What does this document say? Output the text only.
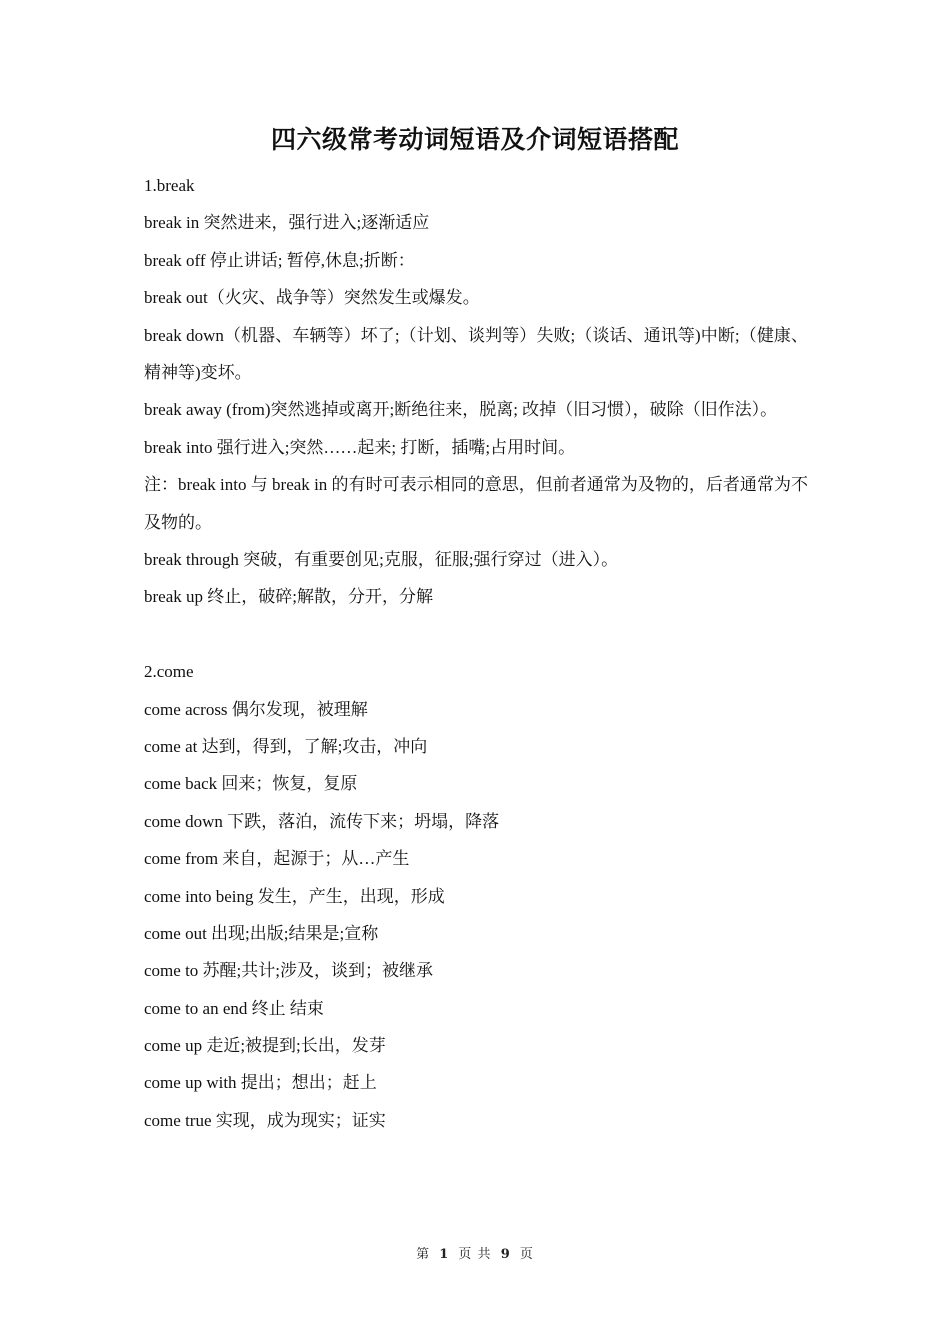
四六级常考动词短语及介词短语搭配
1.break
break in 突然进来，强行进入;逐渐适应
break off 停止讲话; 暂停,休息;折断：
break out（火灾、战争等）突然发生或爆发。
break down（机器、车辆等）坏了;（计划、谈判等）失败;（谈话、通讯等)中断;（健康、精神等)变坏。
break away (from)突然逃掉或离开;断绝往来，脱离; 改掉（旧习惯），破除（旧作法）。
break into 强行进入;突然……起来; 打断，插嘴;占用时间。
注：break into 与 break in 的有时可表示相同的意思，但前者通常为及物的，后者通常为不及物的。
break through 突破，有重要创见;克服，征服;强行穿过（进入）。
break up 终止，破碎;解散，分开，分解
2.come
come across 偶尔发现，被理解
come at 达到，得到，了解;攻击，冲向
come back 回来；恢复，复原
come down 下跌，落泊，流传下来；坍塌，降落
come from 来自，起源于；从…产生
come into being 发生，产生，出现，形成
come out 出现;出版;结果是;宣称
come to 苏醒;共计;涉及，谈到；被继承
come to an end 终止 结束
come up 走近;被提到;长出，发芽
come up with 提出；想出；赶上
come true 实现，成为现实；证实
第 1 页 共 9 页
